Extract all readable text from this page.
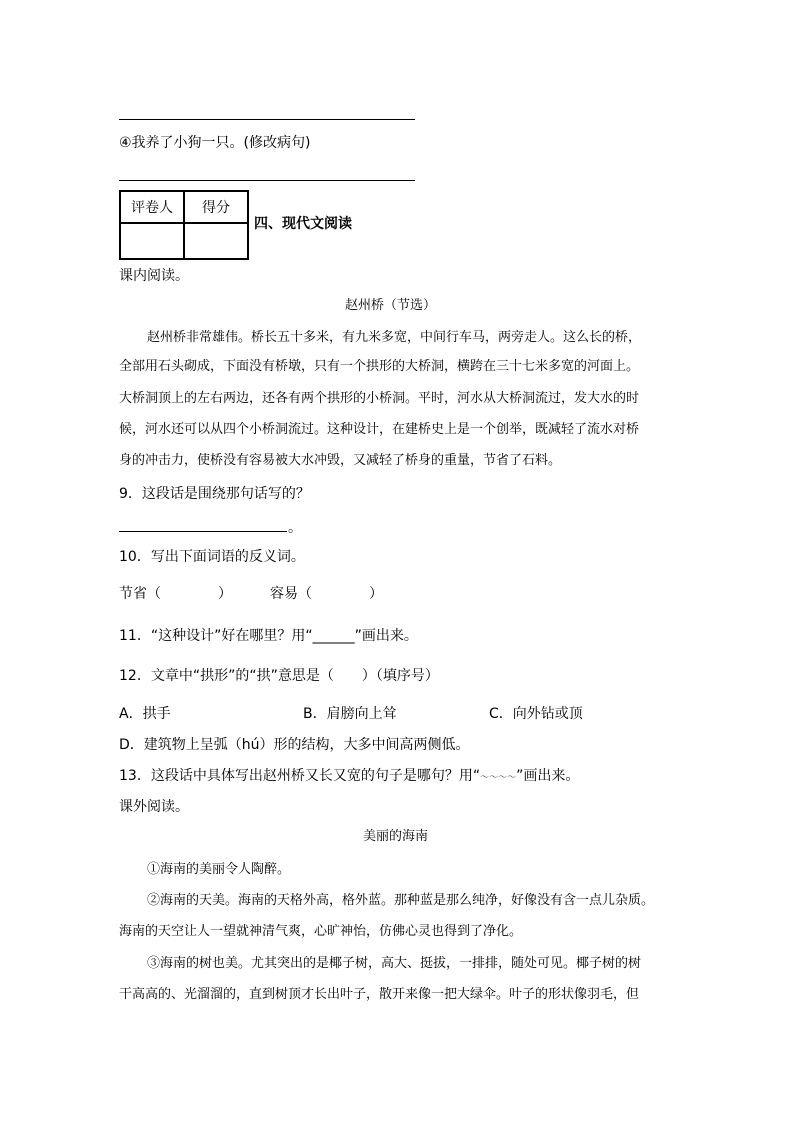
④我养了小狗一只。(修改病句)
评卷人	得分

四、现代文阅读
课内阅读。
赵州桥（节选）
赵州桥非常雄伟。桥长五十多米，有九米多宽，中间行车马，两旁走人。这么长的桥，
全部用石头砌成，下面没有桥墩，只有一个拱形的大桥洞，横跨在三十七米多宽的河面上。
大桥洞顶上的左右两边，还各有两个拱形的小桥洞。平时，河水从大桥洞流过，发大水的时
候，河水还可以从四个小桥洞流过。这种设计，在建桥史上是一个创举，既减轻了流水对桥
身的冲击力，使桥没有容易被大水冲毁，又减轻了桥身的重量，节省了石料。
9．这段话是围绕那句话写的？
。
10．写出下面词语的反义词。
节省（	）	容易（	）
11．“这种设计”好在哪里？用“______”画出来。
12．文章中“拱形”的“拱”意思是（　　）（填序号）
A．拱手	B．肩膀向上耸	C．向外钻或顶
D．建筑物上呈弧（hú）形的结构，大多中间高两侧低。
13．这段话中具体写出赵州桥又长又宽的句子是哪句？用“～～～～”画出来。
课外阅读。
美丽的海南
①海南的美丽令人陶醉。
②海南的天美。海南的天格外高，格外蓝。那种蓝是那么纯净，好像没有含一点儿杂质。
海南的天空让人一望就神清气爽，心旷神怡，仿佛心灵也得到了净化。
③海南的树也美。尤其突出的是椰子树，高大、挺拔，一排排，随处可见。椰子树的树
干高高的、光溜溜的，直到树顶才长出叶子，散开来像一把大绿伞。叶子的形状像羽毛，但
